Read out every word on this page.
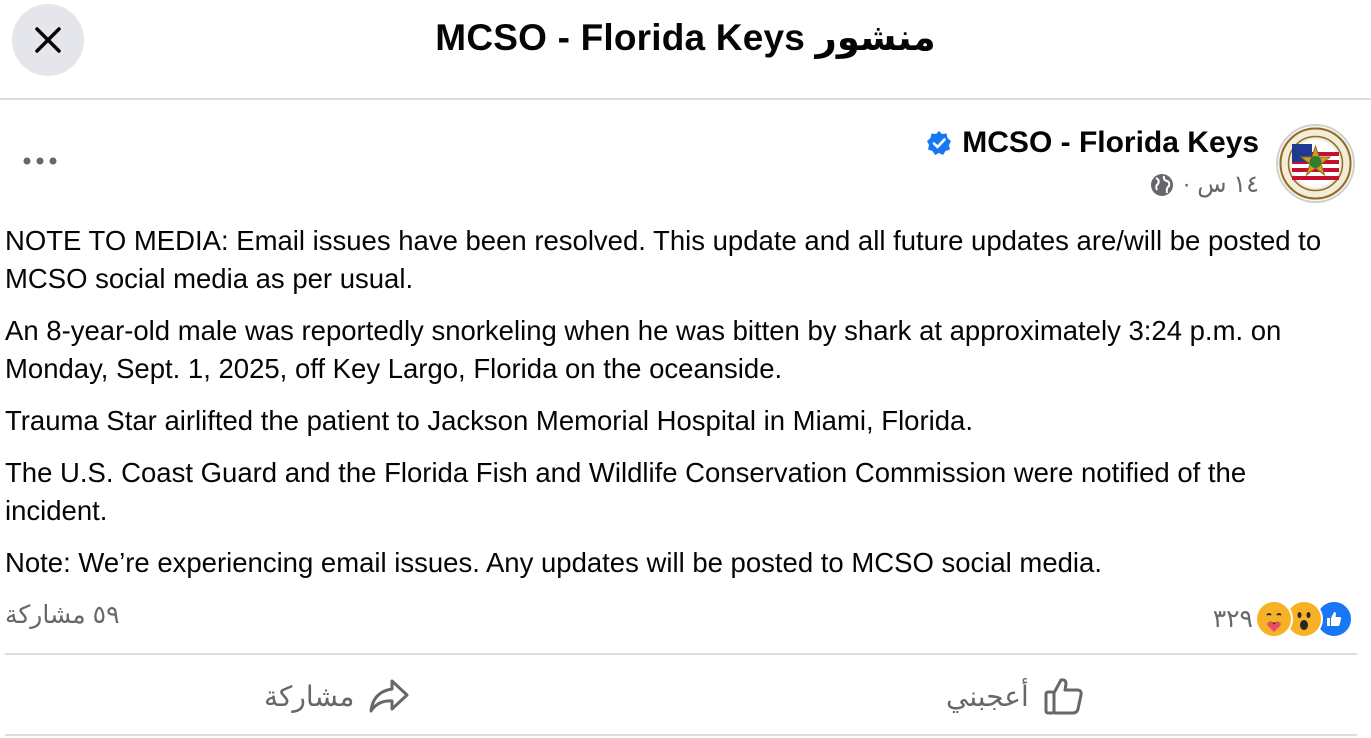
MCSO - Florida Keys منشور
MCSO - Florida Keys
١٤ س ·

NOTE TO MEDIA: Email issues have been resolved. This update and all future updates are/will be posted to MCSO social media as per usual.

An 8-year-old male was reportedly snorkeling when he was bitten by shark at approximately 3:24 p.m. on Monday, Sept. 1, 2025, off Key Largo, Florida on the oceanside.

Trauma Star airlifted the patient to Jackson Memorial Hospital in Miami, Florida.

The U.S. Coast Guard and the Florida Fish and Wildlife Conservation Commission were notified of the incident.

Note: We’re experiencing email issues. Any updates will be posted to MCSO social media.

٥٩ مشاركة	٣٢٩
مشاركة	أعجبني
